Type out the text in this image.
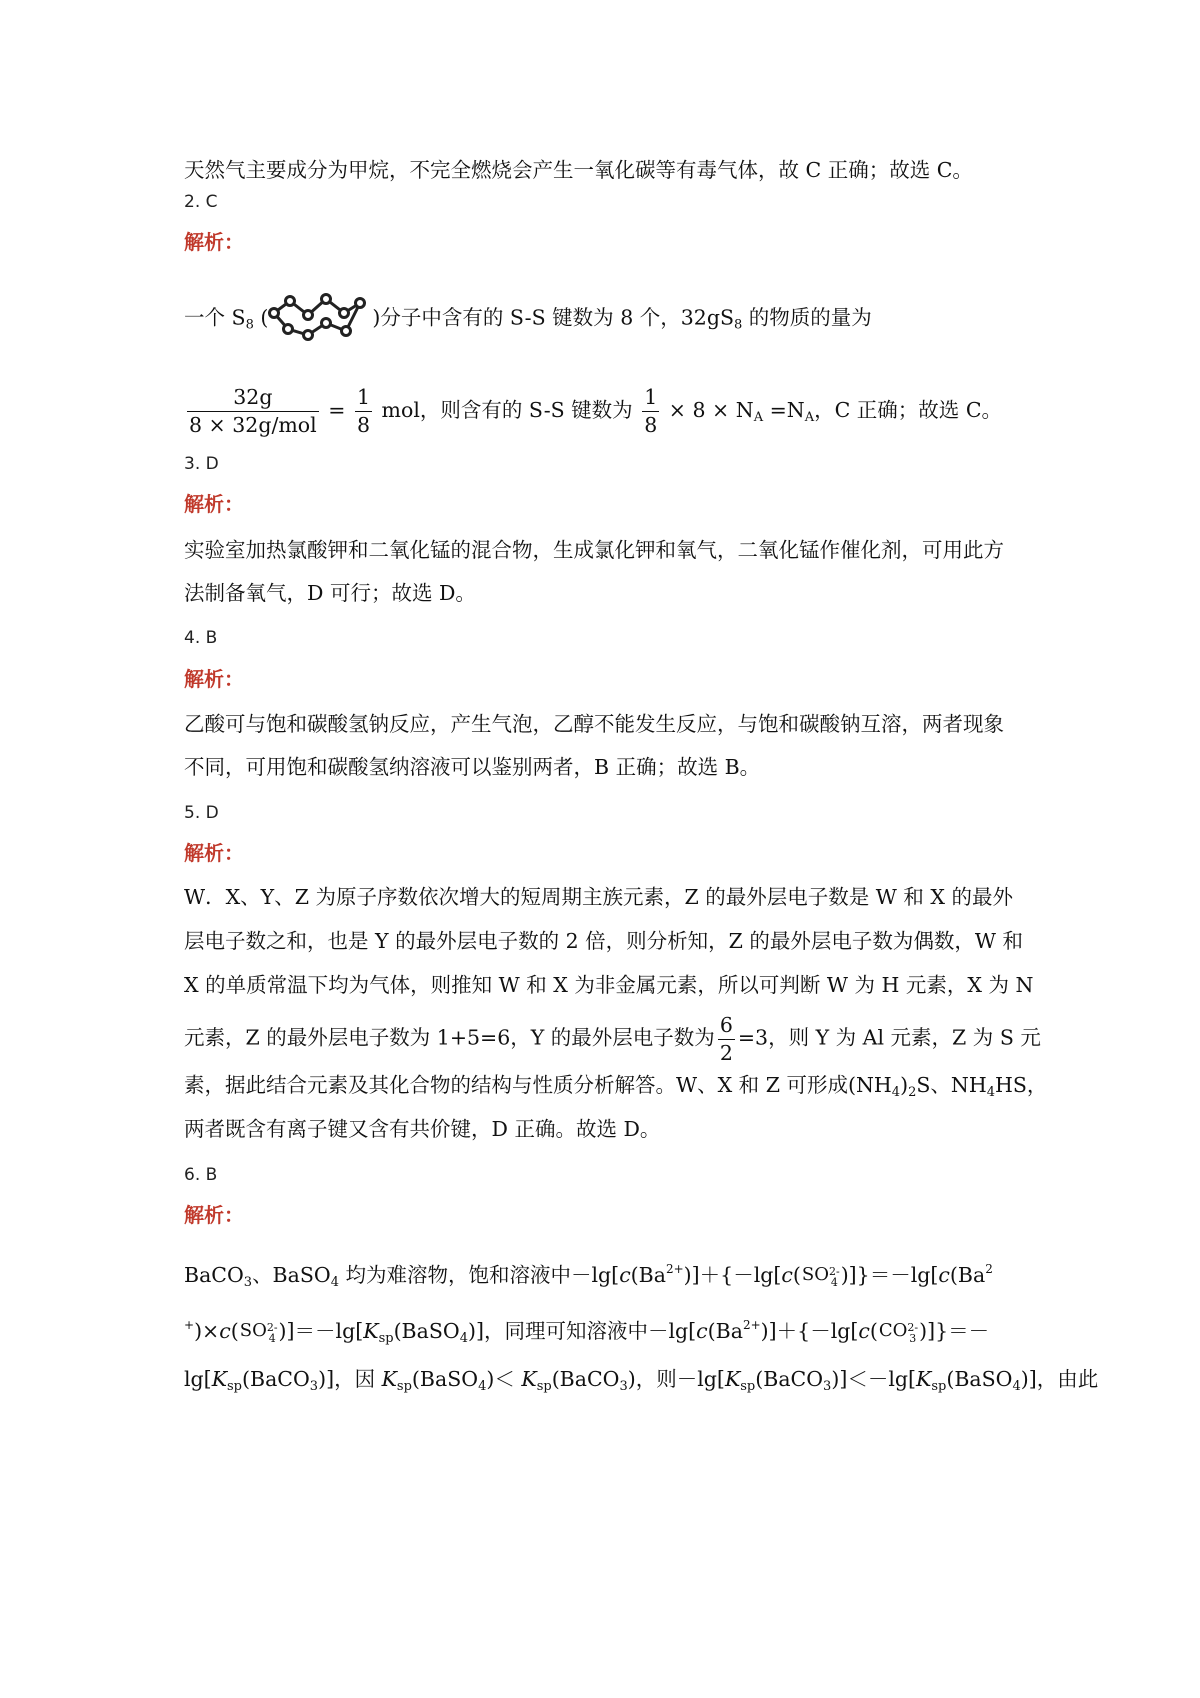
天然气主要成分为甲烷，不完全燃烧会产生一氧化碳等有毒气体，故 C 正确；故选 C。
2. C
解析：
一个 $S_8$ (	)分子中含有的 S-S 键数为 8 个，$32gS_8$ 的物质的量为
$\frac{32g}{\text{8 × 32g/mol}} = \frac{1}{8}$ mol，则含有的 S-S 键数为 $\frac{1}{8} \times 8 \times N_A =N_A$，C 正确；故选 C。
3. D
解析：
实验室加热氯酸钾和二氧化锰的混合物，生成氯化钾和氧气，二氧化锰作催化剂，可用此方
法制备氧气，D 可行；故选 D。
4. B
解析：
乙酸可与饱和碳酸氢钠反应，产生气泡，乙醇不能发生反应，与饱和碳酸钠互溶，两者现象
不同，可用饱和碳酸氢纳溶液可以鉴别两者，B 正确；故选 B。
5. D
解析：
W．X、Y、Z 为原子序数依次增大的短周期主族元素，Z 的最外层电子数是 W 和 X 的最外
层电子数之和，也是 Y 的最外层电子数的 2 倍，则分析知，Z 的最外层电子数为偶数，W 和
X 的单质常温下均为气体，则推知 W 和 X 为非金属元素，所以可判断 W 为 H 元素，X 为 N
元素，Z 的最外层电子数为 1+5=6，Y 的最外层电子数为 $\frac{6}{2} =3$，则 Y 为 Al 元素，Z 为 S 元
素，据此结合元素及其化合物的结构与性质分析解答。W、X 和 Z 可形成$(NH_4)_2S$、$NH_4HS$，
两者既含有离子键又含有共价键，D 正确。故选 D。
6. B
解析：
BaCO$_3$、BaSO$_4$ 均为难溶物，饱和溶液中$-\lg[c(Ba^{2+})]+\{-\lg[c(SO$ 2-
4 )]}$=-\lg[c(Ba^2$
+)×c(SO 2-
4 )]$=-\lg[K_{sp}(BaSO_4)]$，同理可知溶液中$-\lg[c(Ba^{2+})]+\{-\lg[c(CO$ 2-
3 )]}＝－
$\lg[K_{sp}(BaCO_3)]$，因 $K_{sp}(BaSO_4)<$ $K_{sp}(BaCO_3)$，则$-\lg[K_{sp}(BaCO_3)]<-\lg[K_{sp}(BaSO_4)]$，由此
